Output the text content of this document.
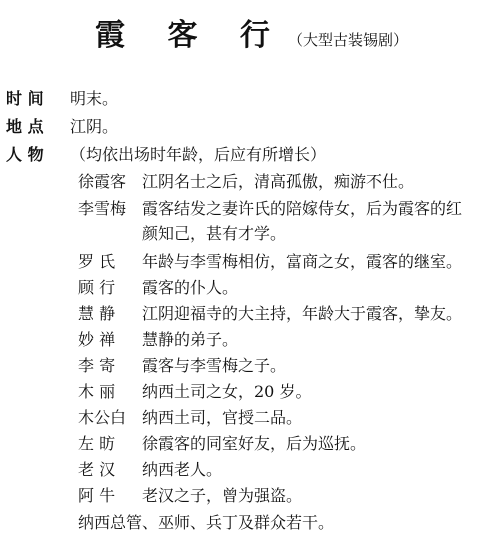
霞 客 行 （大型古装锡剧）
时 间 明末。
地 点 江阴。
人 物 （均依出场时年龄，后应有所增长）
徐霞客 江阴名士之后，清高孤傲，痴游不仕。
李雪梅 霞客结发之妻许氏的陪嫁侍女，后为霞客的红
颜知己，甚有才学。
罗 氏 年龄与李雪梅相仿，富商之女，霞客的继室。
顾 行 霞客的仆人。
慧 静 江阴迎福寺的大主持，年龄大于霞客，挚友。
妙 禅 慧静的弟子。
李 寄 霞客与李雪梅之子。
木 丽 纳西土司之女，20 岁。
木公白 纳西土司，官授二品。
左 昉 徐霞客的同室好友，后为巡抚。
老 汉 纳西老人。
阿 牛 老汉之子，曾为强盗。
纳西总管、巫师、兵丁及群众若干。
